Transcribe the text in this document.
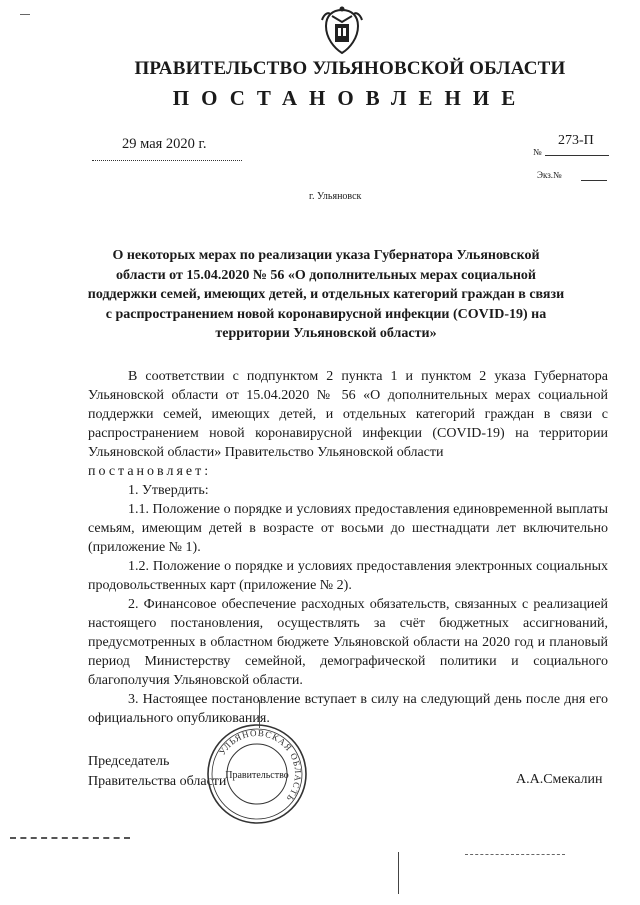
ПРАВИТЕЛЬСТВО УЛЬЯНОВСКОЙ ОБЛАСТИ
ПОСТАНОВЛЕНИЕ
29 мая 2020 г.	№
273-П
Экз.№
г. Ульяновск
О некоторых мерах по реализации указа Губернатора Ульяновской области от 15.04.2020 № 56 «О дополнительных мерах социальной поддержки семей, имеющих детей, и отдельных категорий граждан в связи с распространением новой коронавирусной инфекции (COVID-19) на территории Ульяновской области»

В соответствии с подпунктом 2 пункта 1 и пунктом 2 указа Губернатора Ульяновской области от 15.04.2020 № 56 «О дополнительных мерах социальной поддержки семей, имеющих детей, и отдельных категорий граждан в связи с распространением новой коронавирусной инфекции (COVID-19) на территории Ульяновской области» Правительство Ульяновской области

постановляет:

1. Утвердить:

1.1. Положение о порядке и условиях предоставления единовременной выплаты семьям, имеющим детей в возрасте от восьми до шестнадцати лет включительно (приложение № 1).

1.2. Положение о порядке и условиях предоставления электронных социальных продовольственных карт (приложение № 2).

2. Финансовое обеспечение расходных обязательств, связанных с реализацией настоящего постановления, осуществлять за счёт бюджетных ассигнований, предусмотренных в областном бюджете Ульяновской области на 2020 год и плановый период Министерству семейной, демографической политики и социального благополучия Ульяновской области.

3. Настоящее постановление вступает в силу на следующий день после дня его официального опубликования.

Председатель
Правительства области
УЛЬЯНОВСКАЯ ОБЛАСТЬ
Правительство	А.А.Смекалин
